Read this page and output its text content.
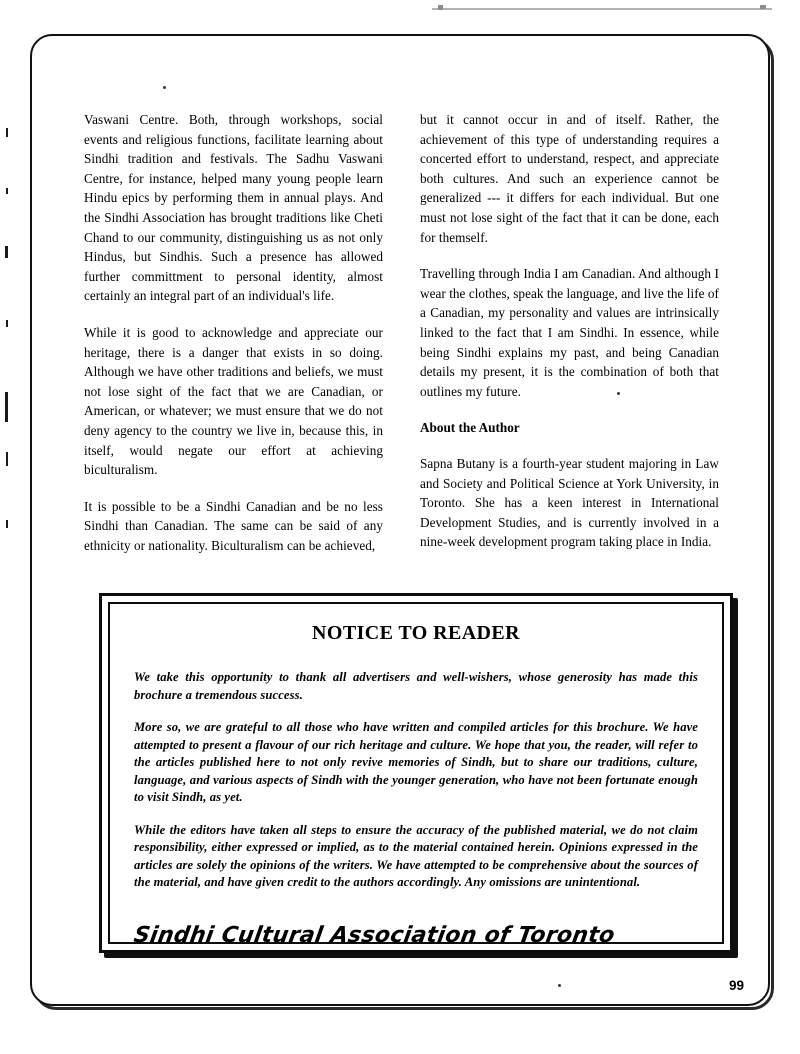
Vaswani Centre. Both, through workshops, social events and religious functions, facilitate learning about Sindhi tradition and festivals. The Sadhu Vaswani Centre, for instance, helped many young people learn Hindu epics by performing them in annual plays. And the Sindhi Association has brought traditions like Cheti Chand to our community, distinguishing us as not only Hindus, but Sindhis. Such a presence has allowed further committment to personal identity, almost certainly an integral part of an individual's life.

While it is good to acknowledge and appreciate our heritage, there is a danger that exists in so doing. Although we have other traditions and beliefs, we must not lose sight of the fact that we are Canadian, or American, or whatever; we must ensure that we do not deny agency to the country we live in, because this, in itself, would negate our effort at achieving biculturalism.

It is possible to be a Sindhi Canadian and be no less Sindhi than Canadian. The same can be said of any ethnicity or nationality. Biculturalism can be achieved,

but it cannot occur in and of itself. Rather, the achievement of this type of understanding requires a concerted effort to understand, respect, and appreciate both cultures. And such an experience cannot be generalized --- it differs for each individual. But one must not lose sight of the fact that it can be done, each for themself.

Travelling through India I am Canadian. And although I wear the clothes, speak the language, and live the life of a Canadian, my personality and values are intrinsically linked to the fact that I am Sindhi. In essence, while being Sindhi explains my past, and being Canadian details my present, it is the combination of both that outlines my future.

About the Author

Sapna Butany is a fourth-year student majoring in Law and Society and Political Science at York University, in Toronto. She has a keen interest in International Development Studies, and is currently involved in a nine-week development program taking place in India.

NOTICE TO READER

We take this opportunity to thank all advertisers and well-wishers, whose generosity has made this brochure a tremendous success.

More so, we are grateful to all those who have written and compiled articles for this brochure. We have attempted to present a flavour of our rich heritage and culture. We hope that you, the reader, will refer to the articles published here to not only revive memories of Sindh, but to share our traditions, culture, language, and various aspects of Sindh with the younger generation, who have not been fortunate enough to visit Sindh, as yet.

While the editors have taken all steps to ensure the accuracy of the published material, we do not claim responsibility, either expressed or implied, as to the material contained herein. Opinions expressed in the articles are solely the opinions of the writers. We have attempted to be comprehensive about the sources of the material, and have given credit to the authors accordingly. Any omissions are unintentional.

Sindhi Cultural Association of Toronto
99
